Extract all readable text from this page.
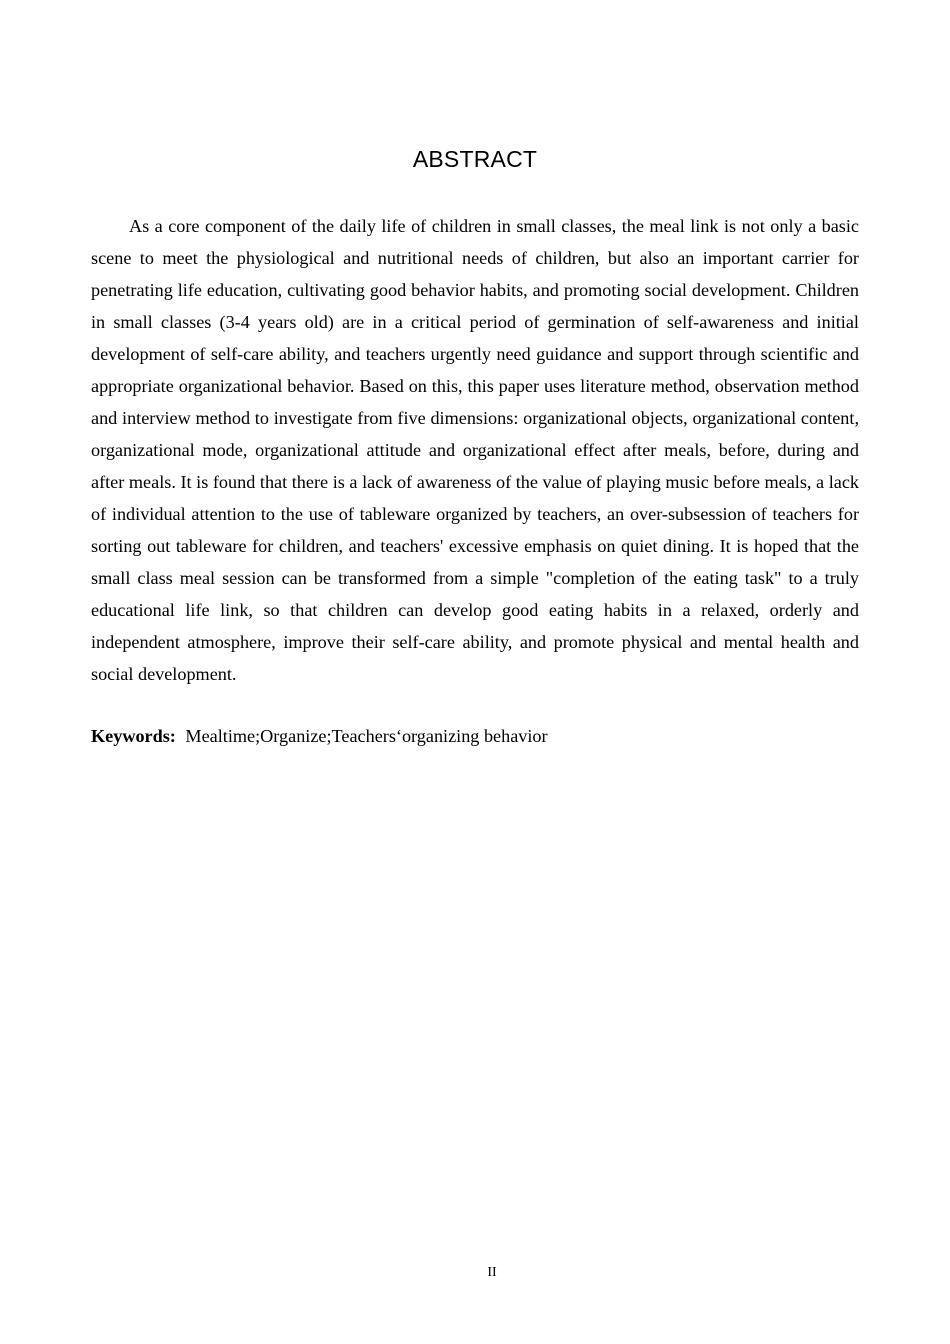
ABSTRACT

As a core component of the daily life of children in small classes, the meal link is not only a basic scene to meet the physiological and nutritional needs of children, but also an important carrier for penetrating life education, cultivating good behavior habits, and promoting social development. Children in small classes (3-4 years old) are in a critical period of germination of self-awareness and initial development of self-care ability, and teachers urgently need guidance and support through scientific and appropriate organizational behavior. Based on this, this paper uses literature method, observation method and interview method to investigate from five dimensions: organizational objects, organizational content, organizational mode, organizational attitude and organizational effect after meals, before, during and after meals. It is found that there is a lack of awareness of the value of playing music before meals, a lack of individual attention to the use of tableware organized by teachers, an over-subsession of teachers for sorting out tableware for children, and teachers' excessive emphasis on quiet dining. It is hoped that the small class meal session can be transformed from a simple "completion of the eating task" to a truly educational life link, so that children can develop good eating habits in a relaxed, orderly and independent atmosphere, improve their self-care ability, and promote physical and mental health and social development.

Keywords: Mealtime;Organize;Teachers‘organizing behavior
II
